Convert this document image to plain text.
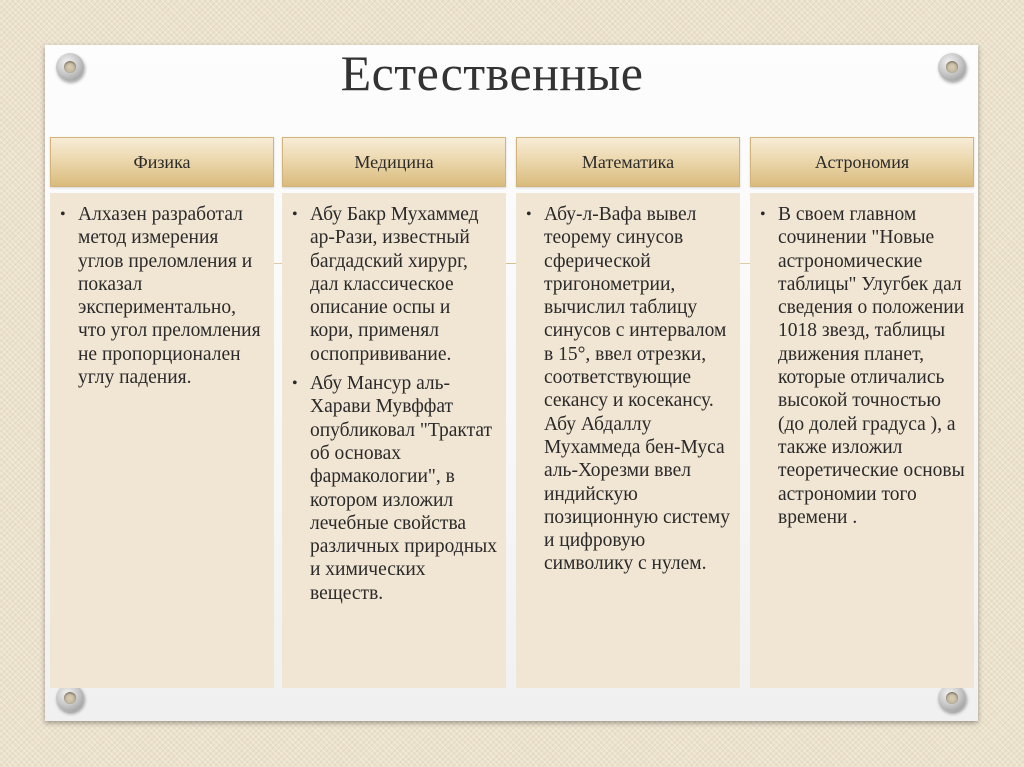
Естественные
Физика
• Алхазен разработал метод измерения углов преломления и показал экспериментально, что угол преломления не пропорционален углу падения.
Медицина
• Абу Бакр Мухаммед ар-Рази, известный багдадский хирург, дал классическое описание оспы и кори, применял оспопрививание.
• Абу Мансур аль-Харави Мувффат опубликовал "Трактат об основах фармакологии", в котором изложил лечебные свойства различных природных и химических веществ.
Математика
• Абу-л-Вафа вывел теорему синусов сферической тригонометрии, вычислил таблицу синусов с интервалом в 15°, ввел отрезки, соответствующие секансу и косекансу. Абу Абдаллу Мухаммеда бен-Муса аль-Хорезми ввел индийскую позиционную систему и цифровую символику с нулем.
Астрономия
• В своем главном сочинении "Новые астрономические таблицы" Улугбек дал сведения о положении 1018 звезд, таблицы движения планет, которые отличались высокой точностью (до долей градуса ), а также изложил теоретические основы астрономии того времени .
